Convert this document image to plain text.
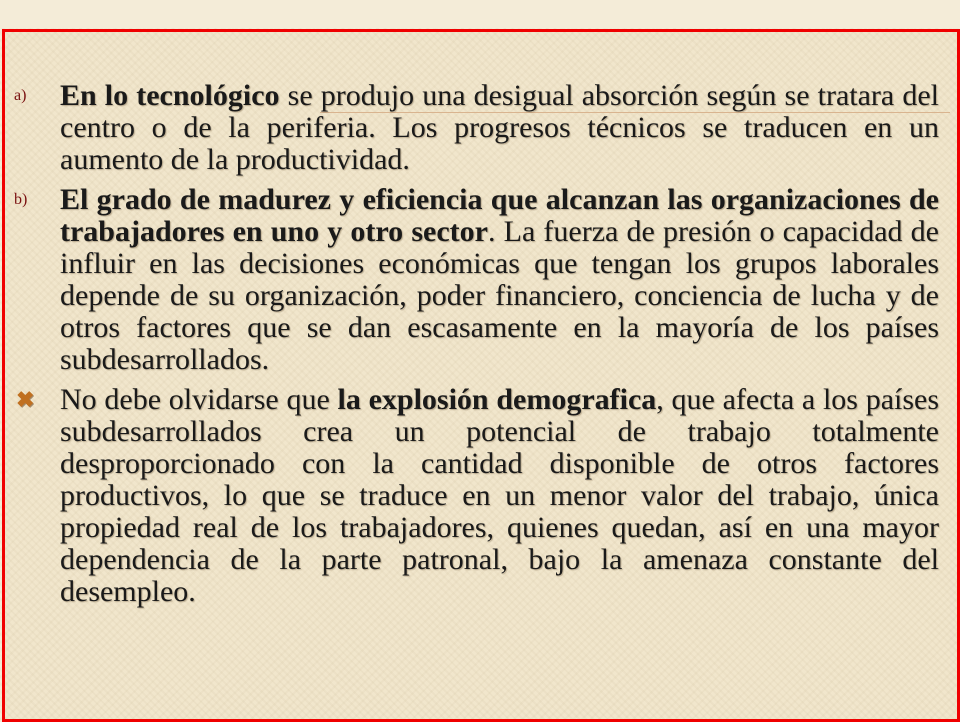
a)	En lo tecnológico se produjo una desigual absorción según se tratara del centro o de la periferia. Los progresos técnicos se traducen en un aumento de la productividad.
b)	El grado de madurez y eficiencia que alcanzan las organizaciones de trabajadores en uno y otro sector. La fuerza de presión o capacidad de influir en las decisiones económicas que tengan los grupos laborales depende de su organización, poder financiero, conciencia de lucha y de otros factores que se dan escasamente en la mayoría de los países subdesarrollados.
✖ No debe olvidarse que la explosión demografica, que afecta a los países subdesarrollados crea un potencial de trabajo totalmente desproporcionado con la cantidad disponible de otros factores productivos, lo que se traduce en un menor valor del trabajo, única propiedad real de los trabajadores, quienes quedan, así en una mayor dependencia de la parte patronal, bajo la amenaza constante del desempleo.
